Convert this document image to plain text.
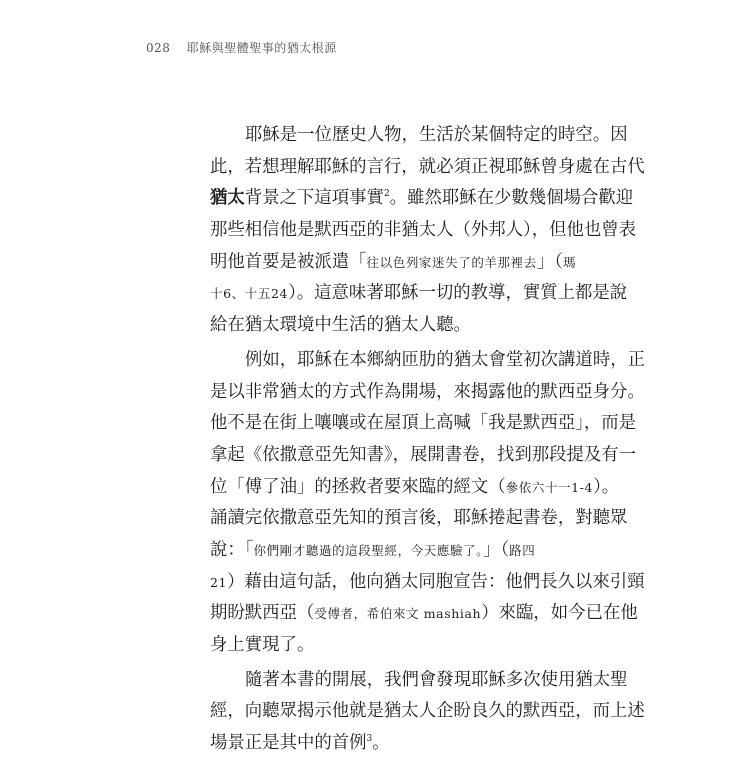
028 耶穌與聖體聖事的猶太根源
耶穌是一位歷史人物，生活於某個特定的時空。因
此，若想理解耶穌的言行，就必須正視耶穌曾身處在古代
猶太背景之下這項事實$^2$。雖然耶穌在少數幾個場合歡迎
那些相信他是默西亞的非猶太人（外邦人），但他也曾表
明他首要是被派遣「往以色列家迷失了的羊那裡去」（瑪
十6、十五24）。這意味著耶穌一切的教導，實質上都是說
給在猶太環境中生活的猶太人聽。
例如，耶穌在本鄉納匝肋的猶太會堂初次講道時，正
是以非常猶太的方式作為開場，來揭露他的默西亞身分。
他不是在街上嚷嚷或在屋頂上高喊「我是默西亞」，而是
拿起《依撒意亞先知書》，展開書卷，找到那段提及有一
位「傅了油」的拯救者要來臨的經文（參依六十一1-4）。
誦讀完依撒意亞先知的預言後，耶穌捲起書卷，對聽眾
說：「你們剛才聽過的這段聖經，今天應驗了。」（路四
21）藉由這句話，他向猶太同胞宣告：他們長久以來引頸
期盼默西亞（受傅者，希伯來文 mashiah）來臨，如今已在他
身上實現了。
隨著本書的開展，我們會發現耶穌多次使用猶太聖
經，向聽眾揭示他就是猶太人企盼良久的默西亞，而上述
場景正是其中的首例$^3$。
